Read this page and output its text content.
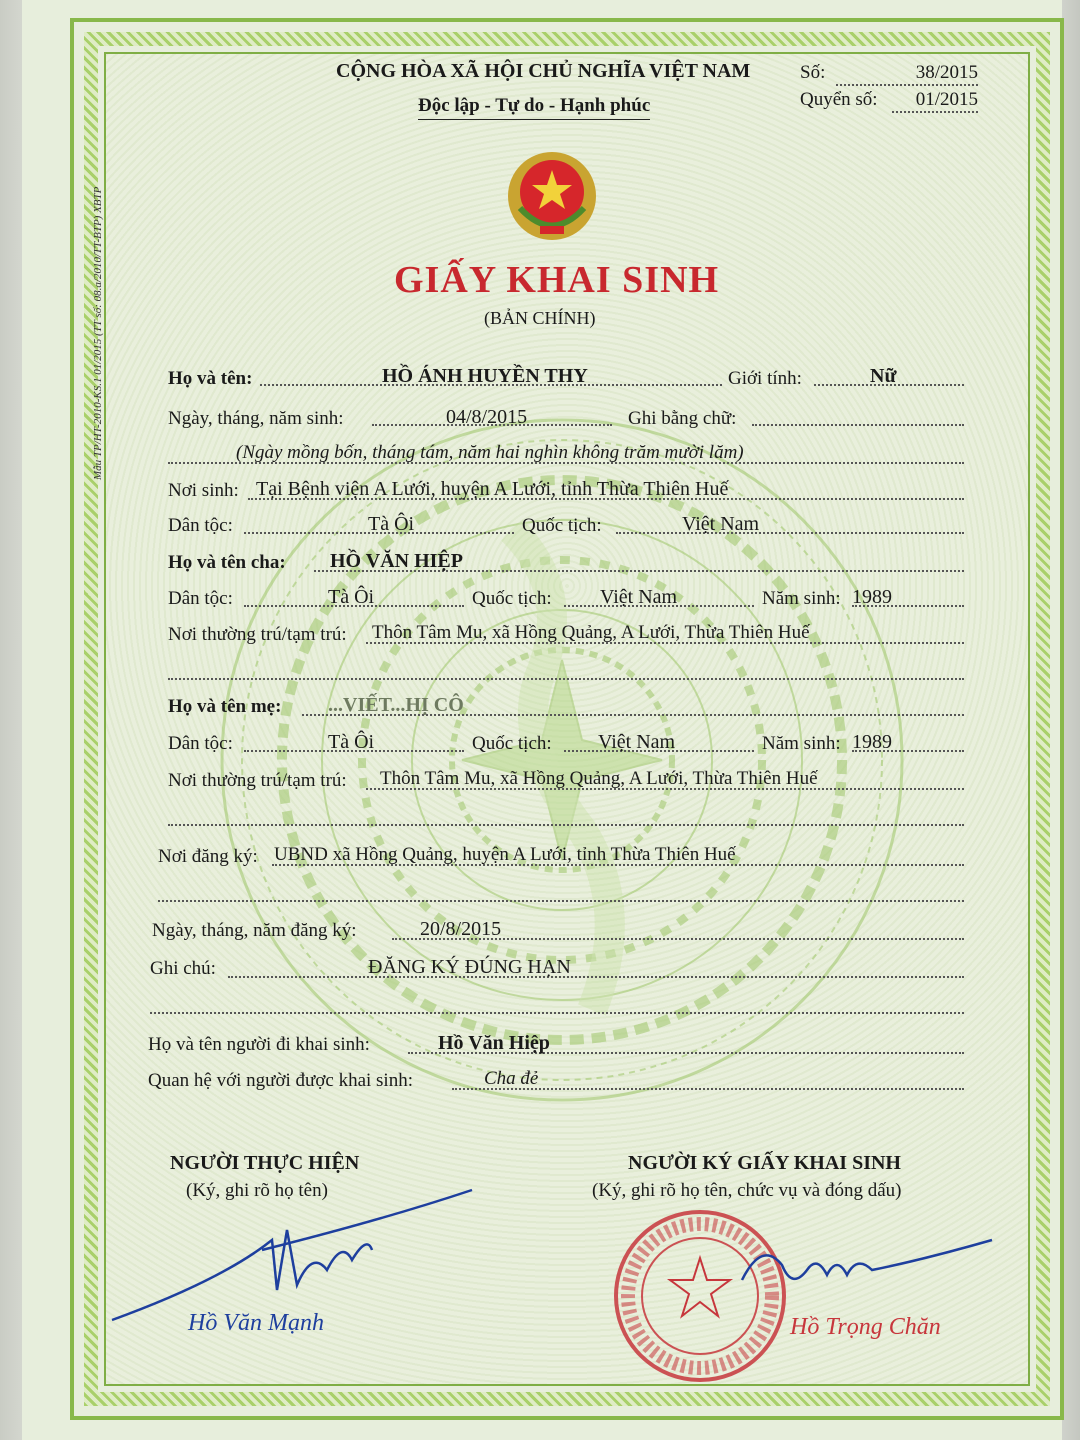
Mẫu TP/HT-2010-KS.1 01/2015 (TT số: 08.a/2010/TT-BTP) XBTP
CỘNG HÒA XÃ HỘI CHỦ NGHĨA VIỆT NAM
Độc lập - Tự do - Hạnh phúc
Số:	38/2015
Quyển số:	01/2015
GIẤY KHAI SINH
(BẢN CHÍNH)
Họ và tên:	HỒ ÁNH HUYỀN THY	Giới tính:	Nữ
Ngày, tháng, năm sinh:	04/8/2015	Ghi bằng chữ:
(Ngày mồng bốn, tháng tám, năm hai nghìn không trăm mười lăm)
Nơi sinh: Tại Bệnh viện A Lưới, huyện A Lưới, tỉnh Thừa Thiên Huế
Dân tộc:	Tà Ôi	Quốc tịch:	Việt Nam
Họ và tên cha: HỒ VĂN HIỆP
Dân tộc:	Tà Ôi	Quốc tịch: Việt Nam	Năm sinh: 1989
Nơi thường trú/tạm trú: Thôn Tâm Mu, xã Hồng Quảng, A Lưới, Thừa Thiên Huế
Họ và tên mẹ: ...VIẾT...HỊ CÔ
Dân tộc:	Tà Ôi	Quốc tịch: Việt Nam	Năm sinh: 1989
Nơi thường trú/tạm trú: Thôn Tâm Mu, xã Hồng Quảng, A Lưới, Thừa Thiên Huế
Nơi đăng ký: UBND xã Hồng Quảng, huyện A Lưới, tỉnh Thừa Thiên Huế
Ngày, tháng, năm đăng ký:	20/8/2015
Ghi chú:	ĐĂNG KÝ ĐÚNG HẠN
Họ và tên người đi khai sinh:	Hồ Văn Hiệp
Quan hệ với người được khai sinh:	Cha đẻ
NGƯỜI THỰC HIỆN
(Ký, ghi rõ họ tên)
Hồ Văn Mạnh
NGƯỜI KÝ GIẤY KHAI SINH
(Ký, ghi rõ họ tên, chức vụ và đóng dấu)
Hồ Trọng Chăn
